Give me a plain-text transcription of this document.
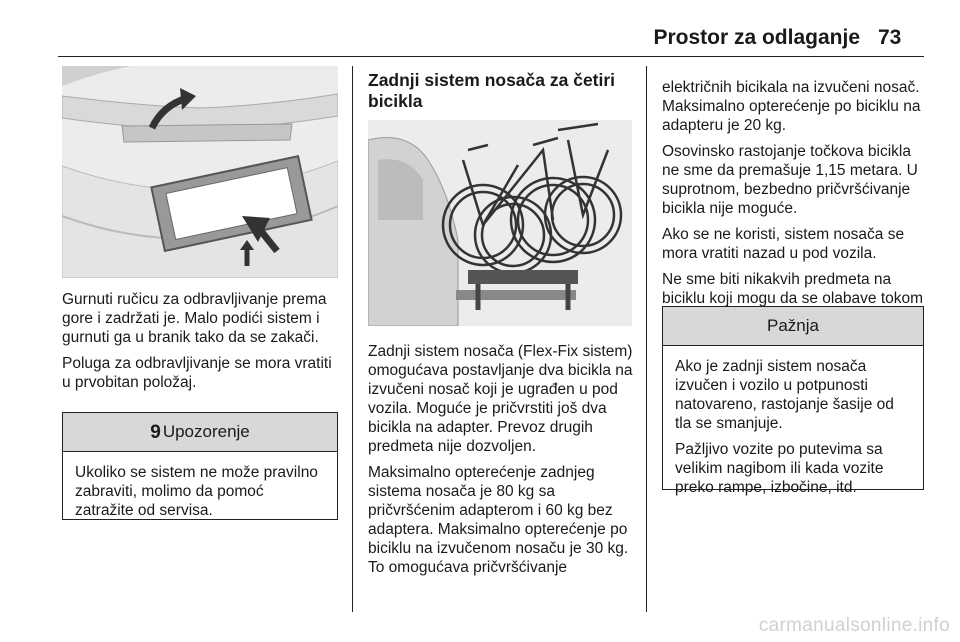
Prostor za odlaganje 73

Gurnuti ručicu za odbravljivanje prema gore i zadržati je. Malo podići sistem i gurnuti ga u branik tako da se zakači.

Poluga za odbravljivanje se mora vratiti u prvobitan položaj.

9 Upozorenje

Ukoliko se sistem ne može pravilno zabraviti, molimo da pomoć zatražite od servisa.

Zadnji sistem nosača za četiri bicikla

Zadnji sistem nosača (Flex-Fix sistem) omogućava postavljanje dva bicikla na izvučeni nosač koji je ugrađen u pod vozila. Moguće je pričvrstiti još dva bicikla na adapter. Prevoz drugih predmeta nije dozvoljen.

Maksimalno opterećenje zadnjeg sistema nosača je 80 kg sa pričvršćenim adapterom i 60 kg bez adaptera. Maksimalno opterećenje po biciklu na izvučenom nosaču je 30 kg. To omogućava pričvršćivanje

električnih bicikala na izvučeni nosač. Maksimalno opterećenje po biciklu na adapteru je 20 kg.

Osovinsko rastojanje točkova bicikla ne sme da premašuje 1,15 metara. U suprotnom, bezbedno pričvršćivanje bicikla nije moguće.

Ako se ne koristi, sistem nosača se mora vratiti nazad u pod vozila.

Ne sme biti nikakvih predmeta na biciklu koji mogu da se olabave tokom

Pažnja

Ako je zadnji sistem nosača izvučen i vozilo u potpunosti natovareno, rastojanje šasije od tla se smanjuje.

Pažljivo vozite po putevima sa velikim nagibom ili kada vozite preko rampe, izbočine, itd.

carmanualsonline.info
